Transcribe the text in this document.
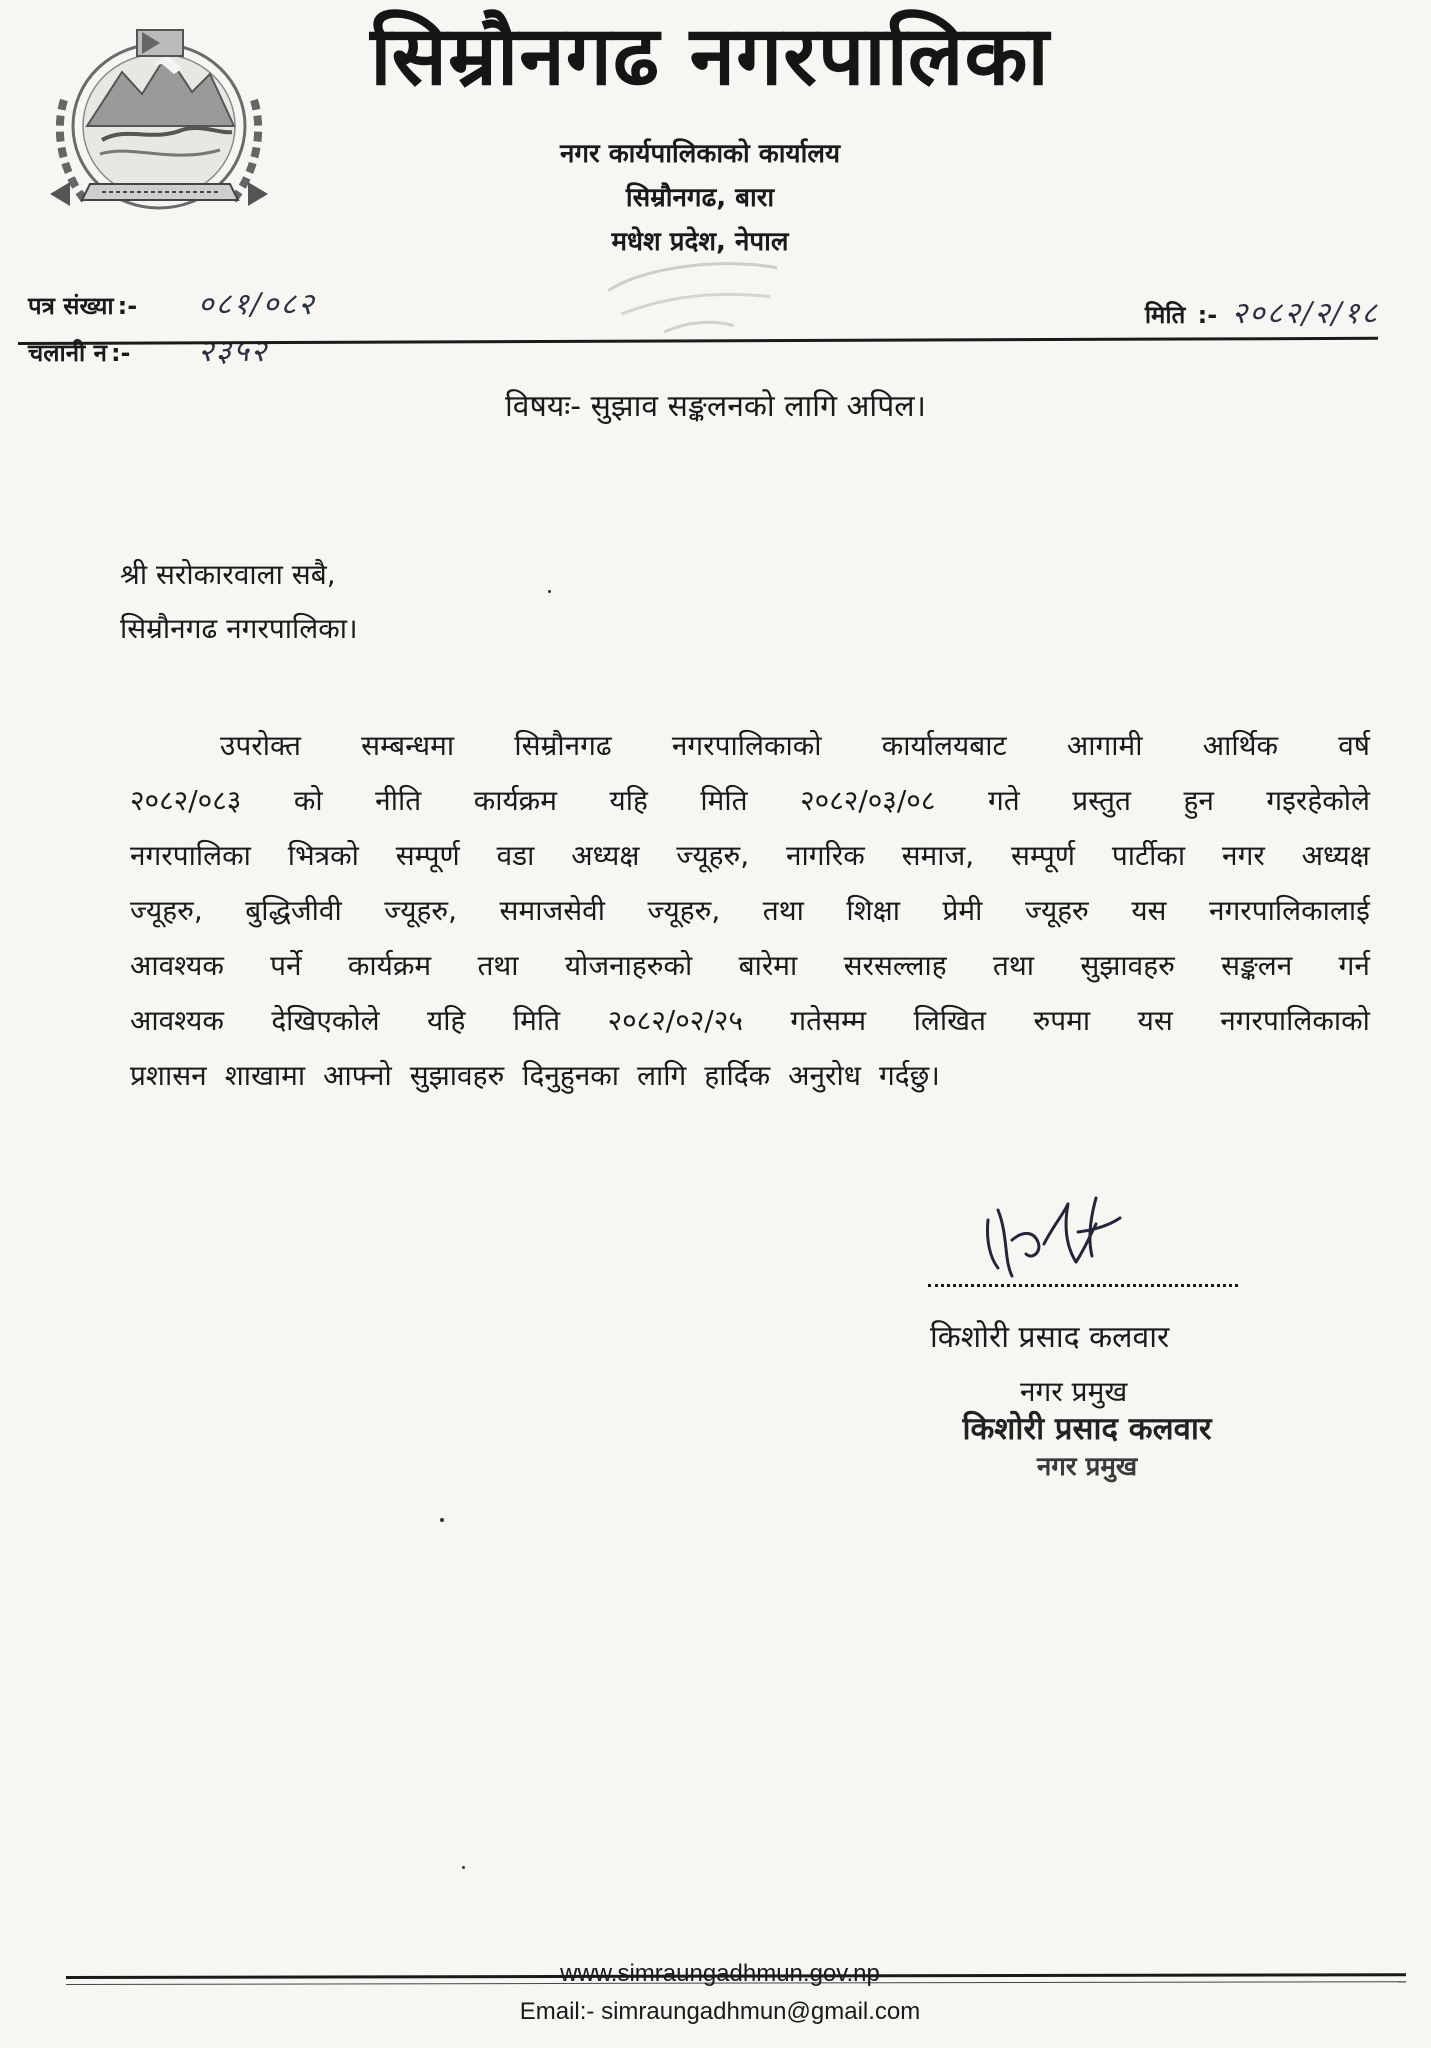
सिम्रौनगढ नगरपालिका
नगर कार्यपालिकाको कार्यालय
सिम्रौनगढ, बारा
मधेश प्रदेश, नेपाल
पत्र संख्या :-	०८१/०८२
चलानी न :-	२३५२
मिति :- २०८२/२/१८
विषयः- सुझाव सङ्कलनको लागि अपिल।
श्री सरोकारवाला सबै,
सिम्रौनगढ नगरपालिका।
उपरोक्त सम्बन्धमा सिम्रौनगढ नगरपालिकाको कार्यालयबाट आगामी आर्थिक वर्ष
२०८२/०८३ को नीति कार्यक्रम यहि मिति २०८२/०३/०८ गते प्रस्तुत हुन गइरहेकोले
नगरपालिका भित्रको सम्पूर्ण वडा अध्यक्ष ज्यूहरु, नागरिक समाज, सम्पूर्ण पार्टीका नगर अध्यक्ष
ज्यूहरु, बुद्धिजीवी ज्यूहरु, समाजसेवी ज्यूहरु, तथा शिक्षा प्रेमी ज्यूहरु यस नगरपालिकालाई
आवश्यक पर्ने कार्यक्रम तथा योजनाहरुको बारेमा सरसल्लाह तथा सुझावहरु सङ्कलन गर्न
आवश्यक देखिएकोले यहि मिति २०८२/०२/२५ गतेसम्म लिखित रुपमा यस नगरपालिकाको
प्रशासन शाखामा आफ्नो सुझावहरु दिनुहुनका लागि हार्दिक अनुरोध गर्दछु।
किशोरी प्रसाद कलवार
नगर प्रमुख
किशोरी प्रसाद कलवार
नगर प्रमुख
www.simraungadhmun.gov.np
Email:- simraungadhmun@gmail.com
